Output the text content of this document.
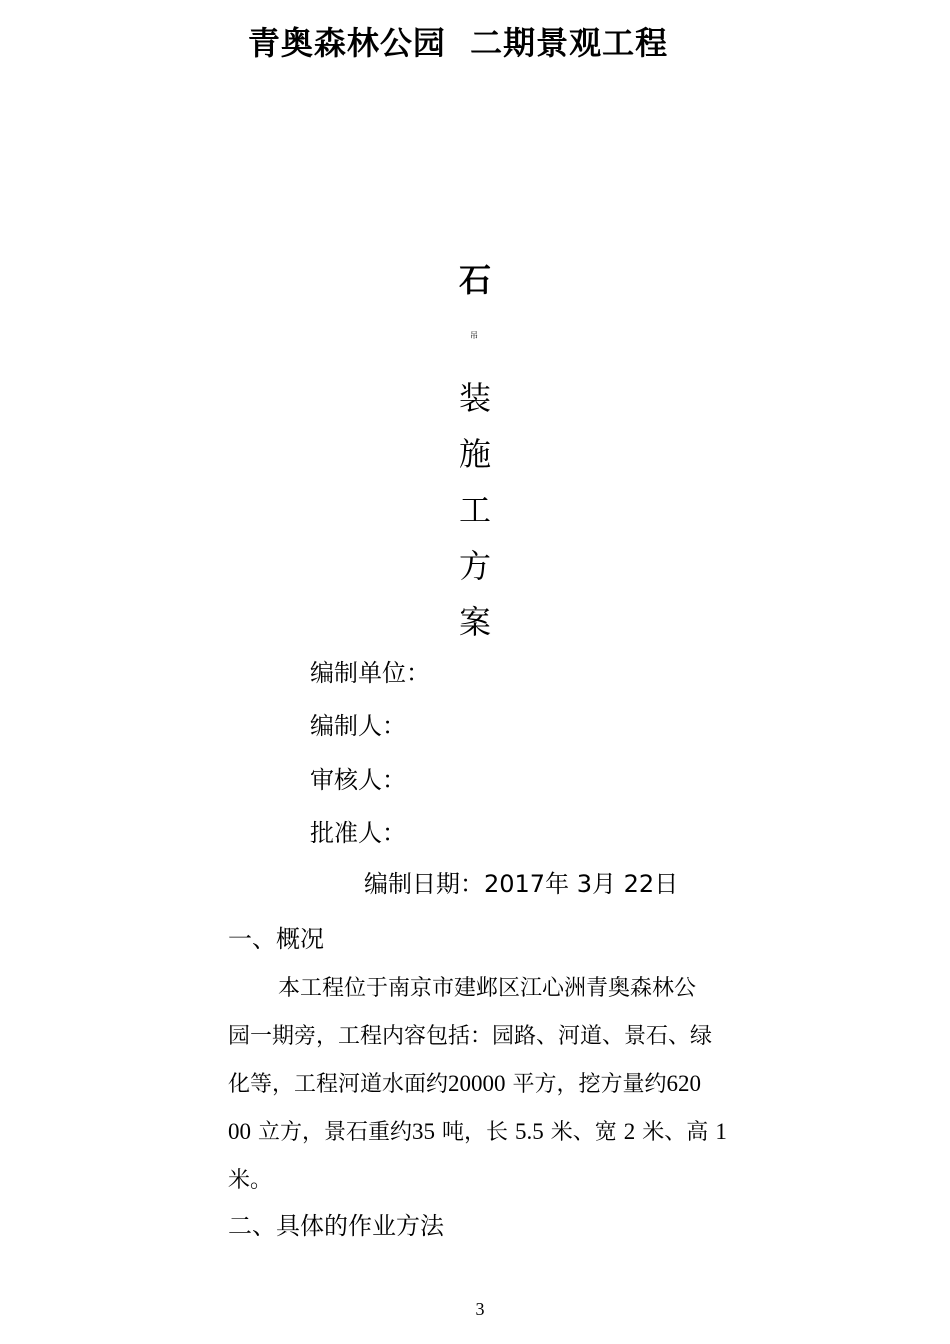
青奥森林公园  二期景观工程
石
吊
装
施
工
方
案
编制单位：
编制人：
审核人：
批准人：
编制日期：2017年 3月 22日
一、概况
本工程位于南京市建邺区江心洲青奥森林公
园一期旁，工程内容包括：园路、河道、景石、绿
化等，工程河道水面约20000 平方，挖方量约620
00 立方，景石重约35 吨，长 5.5 米、宽 2 米、高 1
米。
二、具体的作业方法
3
